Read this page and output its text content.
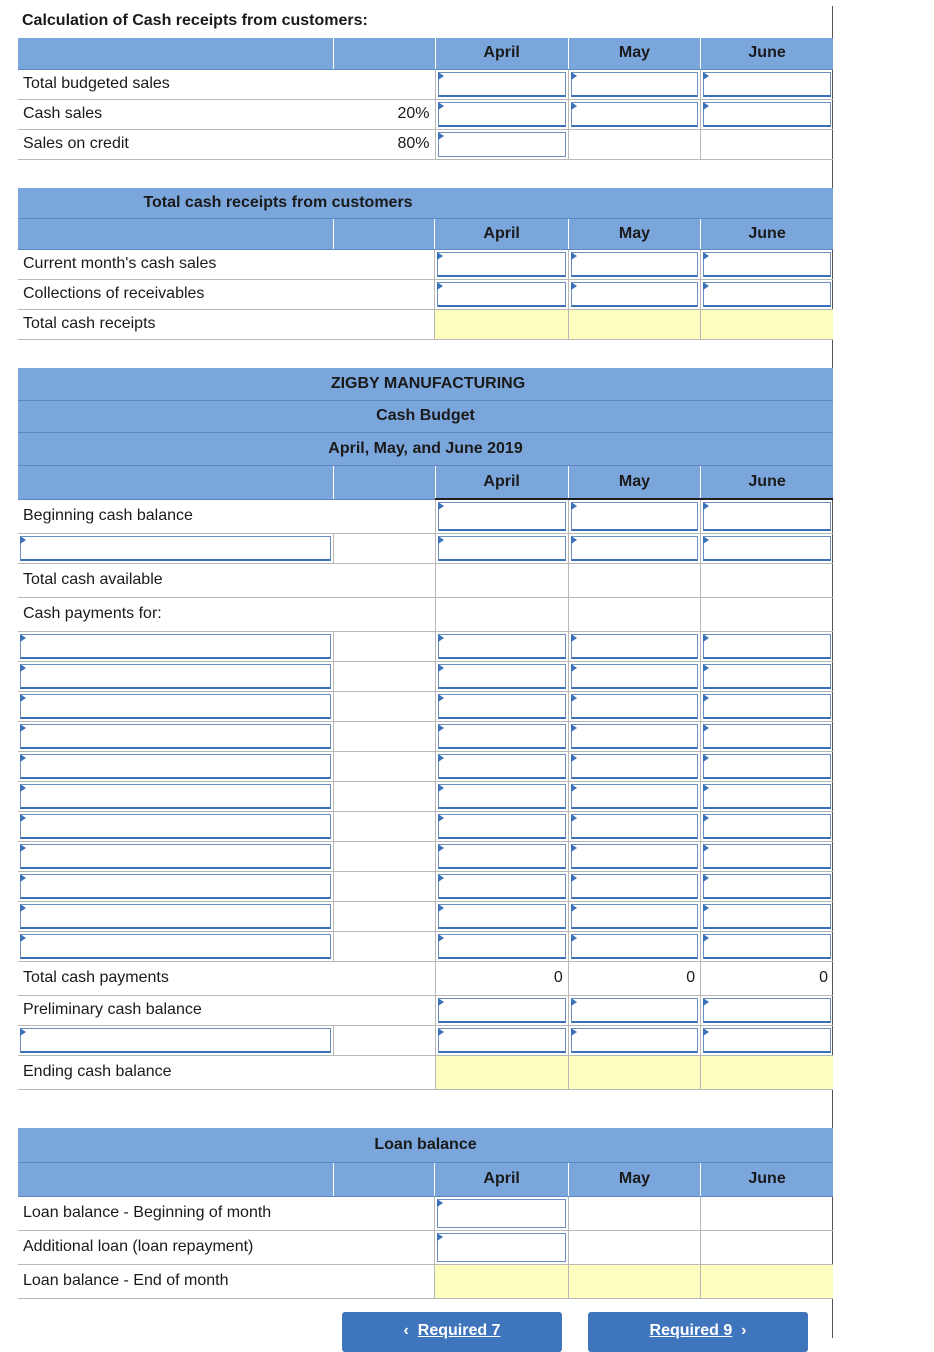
Calculation of Cash receipts from customers:
		April	May	June
Total budgeted sales		

Cash sales	20%	

Sales on credit	80%	

Total cash receipts from customers				
		April	May	June
Current month's cash sales		

Collections of receivables		

Total cash receipts				
ZIGBY MANUFACTURING				
Cash Budget				
April, May, and June 2019				
		April	May	June
Beginning cash balance		

Total cash available				
Cash payments for:				

Total cash payments		0	0	0
Preliminary cash balance		

Ending cash balance				
Loan balance				
		April	May	June
Loan balance - Beginning of month		

Additional loan (loan repayment)		

Loan balance - End of month				
‹ Required 7	Required 9 ›
